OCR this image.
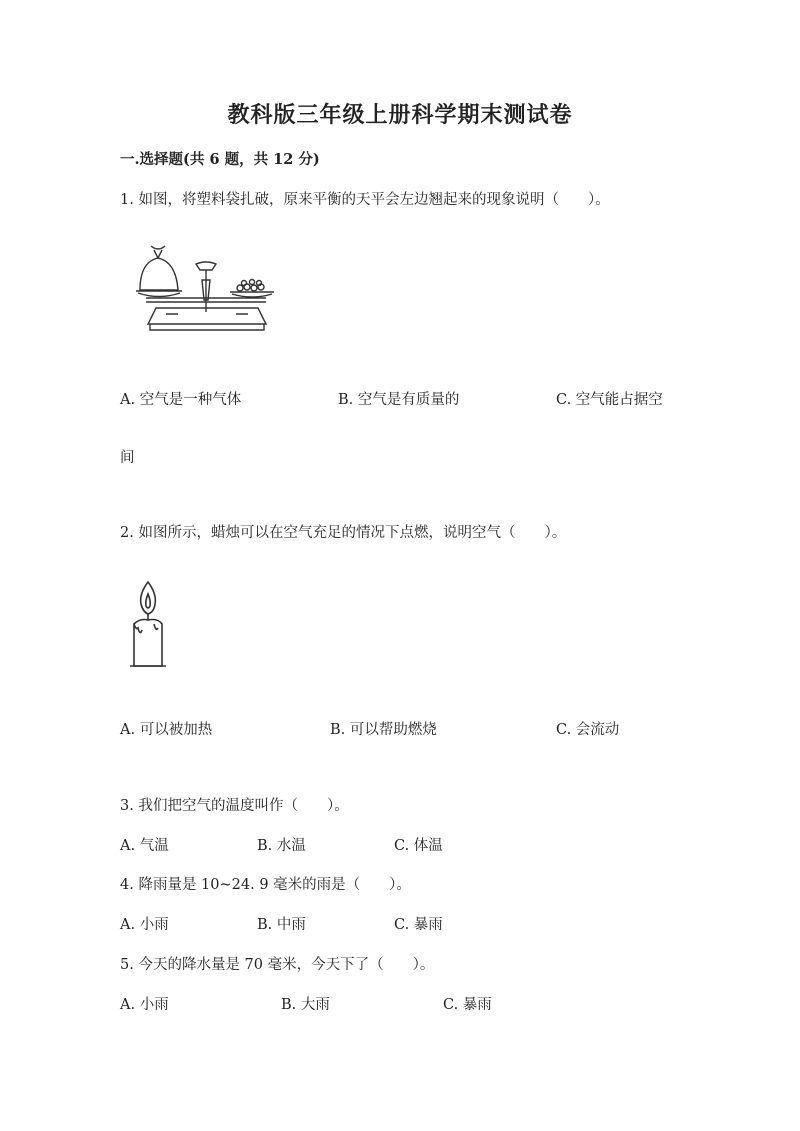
教科版三年级上册科学期末测试卷
一.选择题(共 6 题，共 12 分)
1. 如图，将塑料袋扎破，原来平衡的天平会左边翘起来的现象说明（　　）。
A. 空气是一种气体	B. 空气是有质量的	C. 空气能占据空
间
2. 如图所示，蜡烛可以在空气充足的情况下点燃，说明空气（　　）。
A. 可以被加热	B. 可以帮助燃烧	C. 会流动
3. 我们把空气的温度叫作（　　）。
A. 气温	B. 水温	C. 体温
4. 降雨量是 10~24. 9 毫米的雨是（　　）。
A. 小雨	B. 中雨	C. 暴雨
5. 今天的降水量是 70 毫米，今天下了（　　）。
A. 小雨	B. 大雨	C. 暴雨
